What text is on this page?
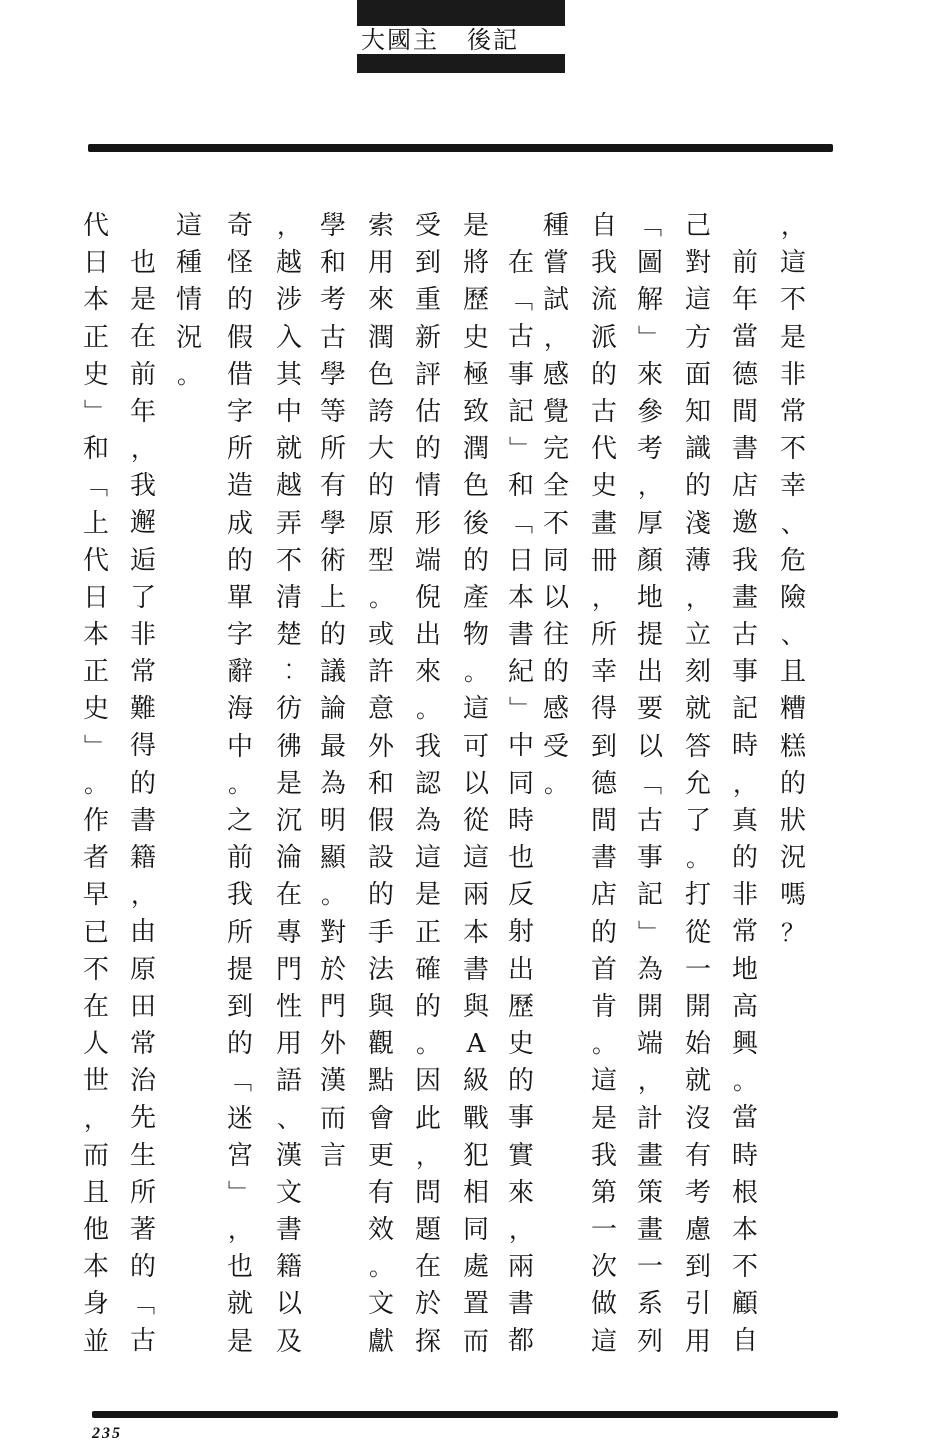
大國主 後記
，
這
不
是
非
常
不
幸
、
危
險
、
且
糟
糕
的
狀
況
嗎
？
前
年
當
德
間
書
店
邀
我
畫
古
事
記
時
，
真
的
非
常
地
高
興
。
當
時
根
本
不
顧
自
己
對
這
方
面
知
識
的
淺
薄
，
立
刻
就
答
允
了
。
打
從
一
開
始
就
沒
有
考
慮
到
引
用
﹁
圖
解
﹂
來
參
考
，
厚
顏
地
提
出
要
以
﹁
古
事
記
﹂
為
開
端
，
計
畫
策
畫
一
系
列
自
我
流
派
的
古
代
史
畫
冊
，
所
幸
得
到
德
間
書
店
的
首
肯
。
這
是
我
第
一
次
做
這
種
嘗
試
，
感
覺
完
全
不
同
以
往
的
感
受
。
在
﹁
古
事
記
﹂
和
﹁
日
本
書
紀
﹂
中
同
時
也
反
射
出
歷
史
的
事
實
來
，
兩
書
都
是
將
歷
史
極
致
潤
色
後
的
產
物
。
這
可
以
從
這
兩
本
書
與
A
級
戰
犯
相
同
處
置
而
受
到
重
新
評
估
的
情
形
端
倪
出
來
。
我
認
為
這
是
正
確
的
。
因
此
，
問
題
在
於
探
索
用
來
潤
色
誇
大
的
原
型
。
或
許
意
外
和
假
設
的
手
法
與
觀
點
會
更
有
效
。
文
獻
學
和
考
古
學
等
所
有
學
術
上
的
議
論
最
為
明
顯
。
對
於
門
外
漢
而
言
，
越
涉
入
其
中
就
越
弄
不
清
楚
︰
彷
彿
是
沉
淪
在
專
門
性
用
語
、
漢
文
書
籍
以
及
奇
怪
的
假
借
字
所
造
成
的
單
字
辭
海
中
。
之
前
我
所
提
到
的
﹁
迷
宮
﹂
，
也
就
是
這
種
情
況
。
也
是
在
前
年
，
我
邂
逅
了
非
常
難
得
的
書
籍
，
由
原
田
常
治
先
生
所
著
的
﹁
古
代
日
本
正
史
﹂
和
﹁
上
代
日
本
正
史
﹂
。
作
者
早
已
不
在
人
世
，
而
且
他
本
身
並
235
